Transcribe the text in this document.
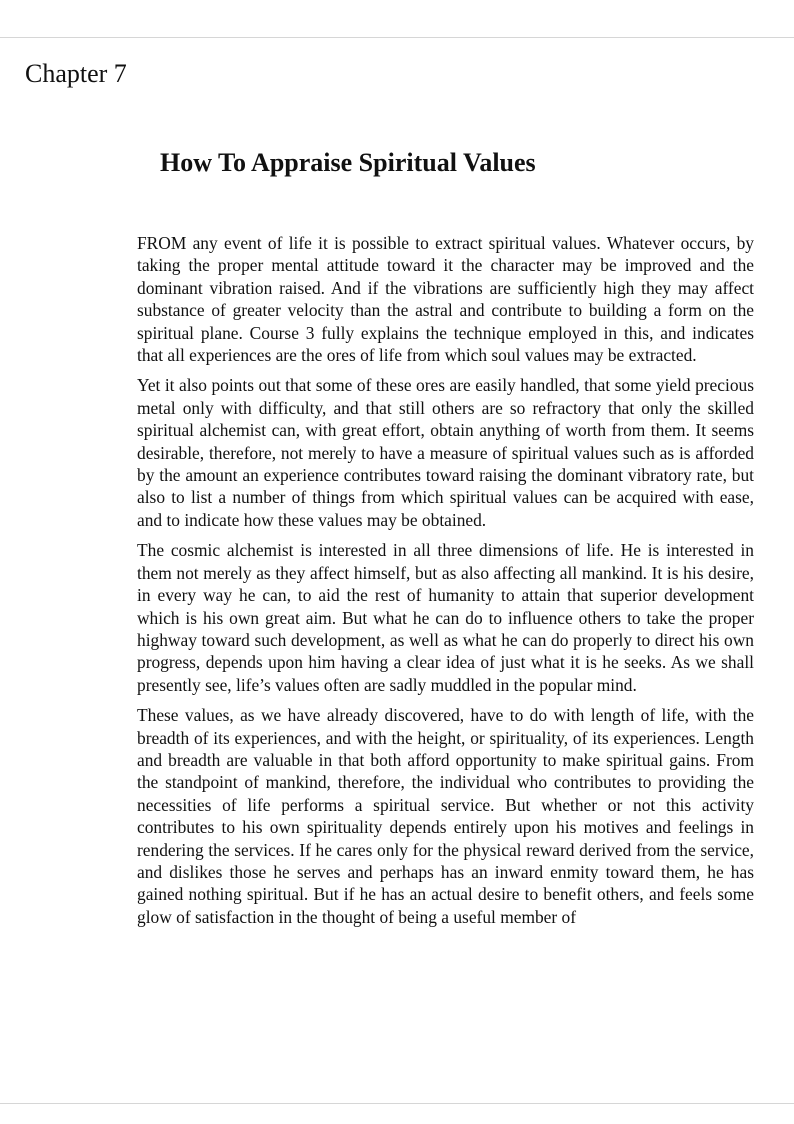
Chapter 7
How To Appraise Spiritual Values

FROM any event of life it is possible to extract spiritual values. Whatever occurs, by taking the proper mental attitude toward it the character may be improved and the dominant vibration raised. And if the vibrations are sufficiently high they may affect substance of greater velocity than the astral and contribute to building a form on the spiritual plane. Course 3 fully explains the technique employed in this, and indicates that all experiences are the ores of life from which soul values may be extracted.

Yet it also points out that some of these ores are easily handled, that some yield precious metal only with difficulty, and that still others are so refractory that only the skilled spiritual alchemist can, with great effort, obtain anything of worth from them. It seems desirable, therefore, not merely to have a measure of spiritual values such as is afforded by the amount an experience contributes toward raising the dominant vibratory rate, but also to list a number of things from which spiritual values can be acquired with ease, and to indicate how these values may be obtained.

The cosmic alchemist is interested in all three dimensions of life. He is interested in them not merely as they affect himself, but as also affecting all mankind. It is his desire, in every way he can, to aid the rest of humanity to attain that superior development which is his own great aim. But what he can do to influence others to take the proper highway toward such development, as well as what he can do properly to direct his own progress, depends upon him having a clear idea of just what it is he seeks. As we shall presently see, life’s values often are sadly muddled in the popular mind.

These values, as we have already discovered, have to do with length of life, with the breadth of its experiences, and with the height, or spirituality, of its experiences. Length and breadth are valuable in that both afford opportunity to make spiritual gains. From the standpoint of mankind, therefore, the individual who contributes to providing the necessities of life performs a spiritual service. But whether or not this activity contributes to his own spirituality depends entirely upon his motives and feelings in rendering the services. If he cares only for the physical reward derived from the service, and dislikes those he serves and perhaps has an inward enmity toward them, he has gained nothing spiritual. But if he has an actual desire to benefit others, and feels some glow of satisfaction in the thought of being a useful member of
